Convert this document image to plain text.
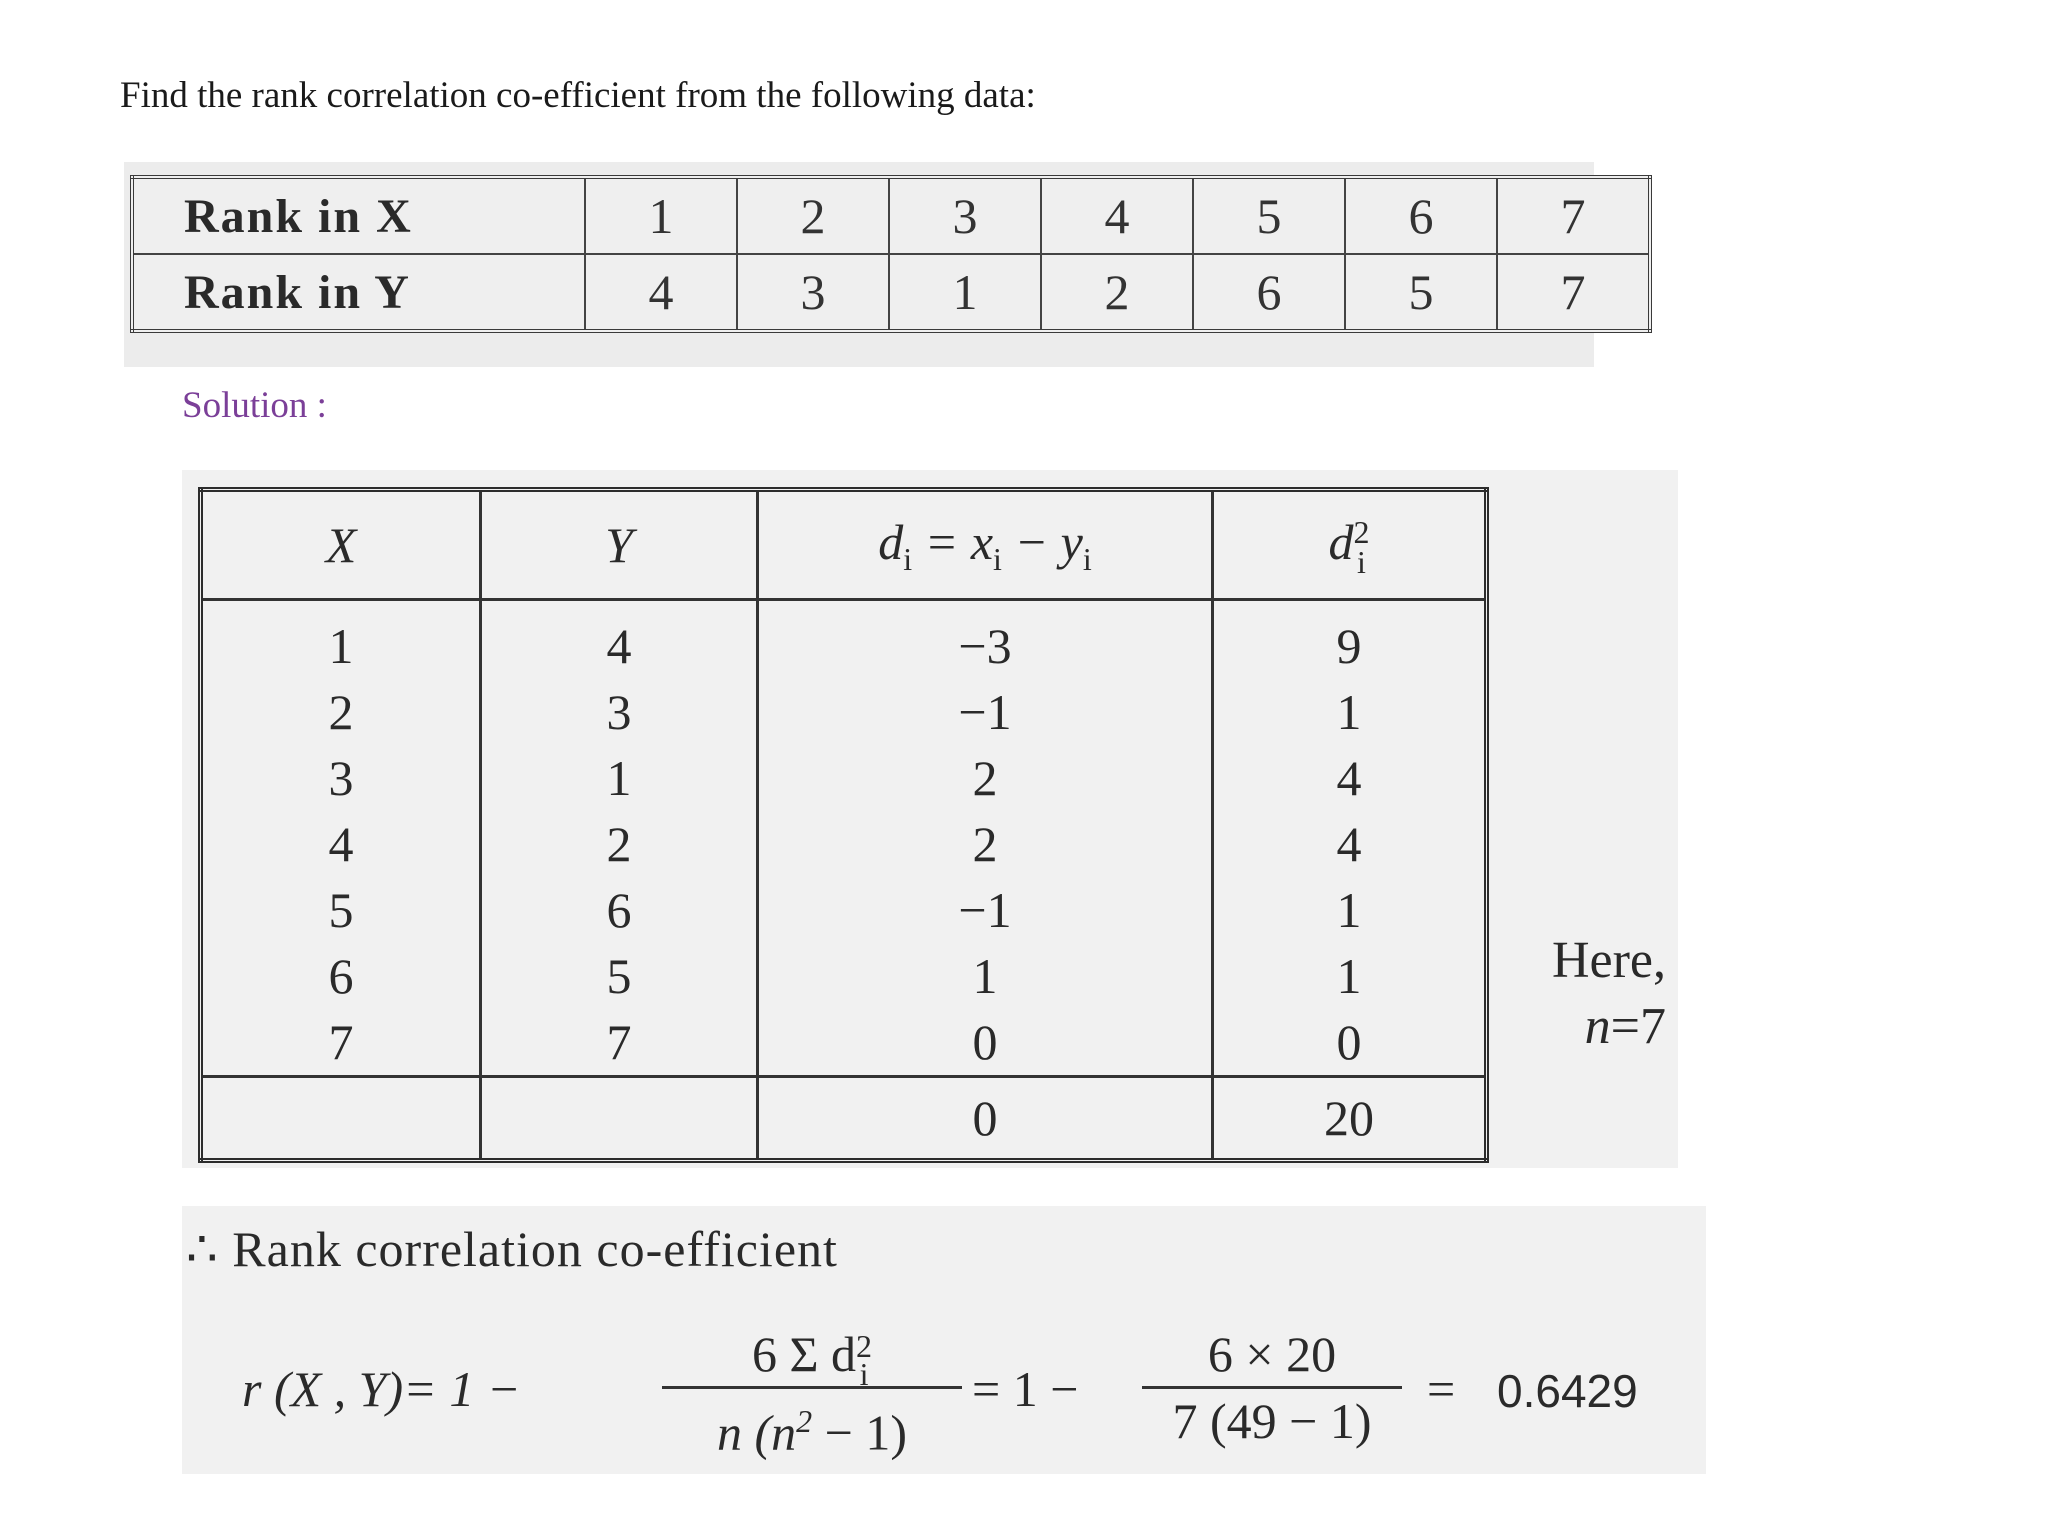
Find the rank correlation co-efficient from the following data:

Rank in X	1	2	3	4	5	6	7
Rank in Y	4	3	1	2	6	5	7
Solution :
X	Y	$d_i = x_i - y_i$	d 2
i

1	4	−3	9
2	3	−1	1
3	1	2	4
4	2	2	4
5	6	−1	1
6	5	1	1
7	7	0	0
		0	20
Here,
n=7
∴ Rank correlation co-efficient
r (X , Y)= 1 −
6 Σ d 2
i
n $(n^2 - 1)$
= 1 −
6 × 20
7 (49 − 1)
= 0.6429
